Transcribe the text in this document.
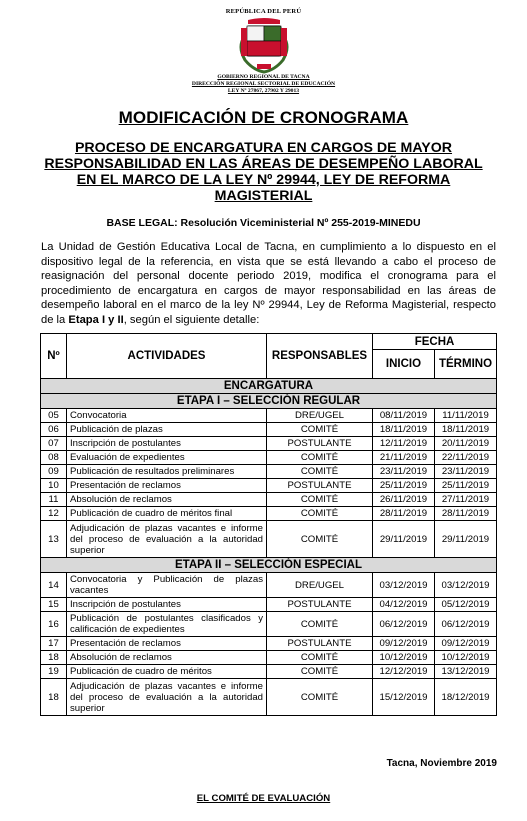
REPÚBLICA DEL PERÚ
GOBIERNO REGIONAL DE TACNA
DIRECCIÓN REGIONAL SECTORIAL DE EDUCACIÓN
LEY Nº 27867, 27902 Y 29013
MODIFICACIÓN DE CRONOGRAMA
PROCESO DE ENCARGATURA EN CARGOS DE MAYOR RESPONSABILIDAD EN LAS ÁREAS DE DESEMPEÑO LABORAL EN EL MARCO DE LA LEY Nº 29944, LEY DE REFORMA MAGISTERIAL
BASE LEGAL: Resolución Viceministerial Nº 255-2019-MINEDU
La Unidad de Gestión Educativa Local de Tacna, en cumplimiento a lo dispuesto en el dispositivo legal de la referencia, en vista que se está llevando a cabo el proceso de reasignación del personal docente periodo 2019, modifica el cronograma para el procedimiento de encargatura en cargos de mayor responsabilidad en las áreas de desempeño laboral en el marco de la ley Nº 29944, Ley de Reforma Magisterial, respecto de la Etapa I y II, según el siguiente detalle:
Nº	ACTIVIDADES	RESPONSABLES	FECHA	
			INICIO	TÉRMINO
ENCARGATURA				
ETAPA I – SELECCIÓN REGULAR				
05	Convocatoria	DRE/UGEL	08/11/2019	11/11/2019
06	Publicación de plazas	COMITÉ	18/11/2019	18/11/2019
07	Inscripción de postulantes	POSTULANTE	12/11/2019	20/11/2019
08	Evaluación de expedientes	COMITÉ	21/11/2019	22/11/2019
09	Publicación de resultados preliminares	COMITÉ	23/11/2019	23/11/2019
10	Presentación de reclamos	POSTULANTE	25/11/2019	25/11/2019
11	Absolución de reclamos	COMITÉ	26/11/2019	27/11/2019
12	Publicación de cuadro de méritos final	COMITÉ	28/11/2019	28/11/2019
13	Adjudicación de plazas vacantes e informe del proceso de evaluación a la autoridad superior	COMITÉ	29/11/2019	29/11/2019
ETAPA II – SELECCIÓN ESPECIAL				
14	Convocatoria y Publicación de plazas vacantes	DRE/UGEL	03/12/2019	03/12/2019
15	Inscripción de postulantes	POSTULANTE	04/12/2019	05/12/2019
16	Publicación de postulantes clasificados y calificación de expedientes	COMITÉ	06/12/2019	06/12/2019
17	Presentación de reclamos	POSTULANTE	09/12/2019	09/12/2019
18	Absolución de reclamos	COMITÉ	10/12/2019	10/12/2019
19	Publicación de cuadro de méritos	COMITÉ	12/12/2019	13/12/2019
18	Adjudicación de plazas vacantes e informe del proceso de evaluación a la autoridad superior	COMITÉ	15/12/2019	18/12/2019
Tacna, Noviembre 2019
EL COMITÉ DE EVALUACIÓN
